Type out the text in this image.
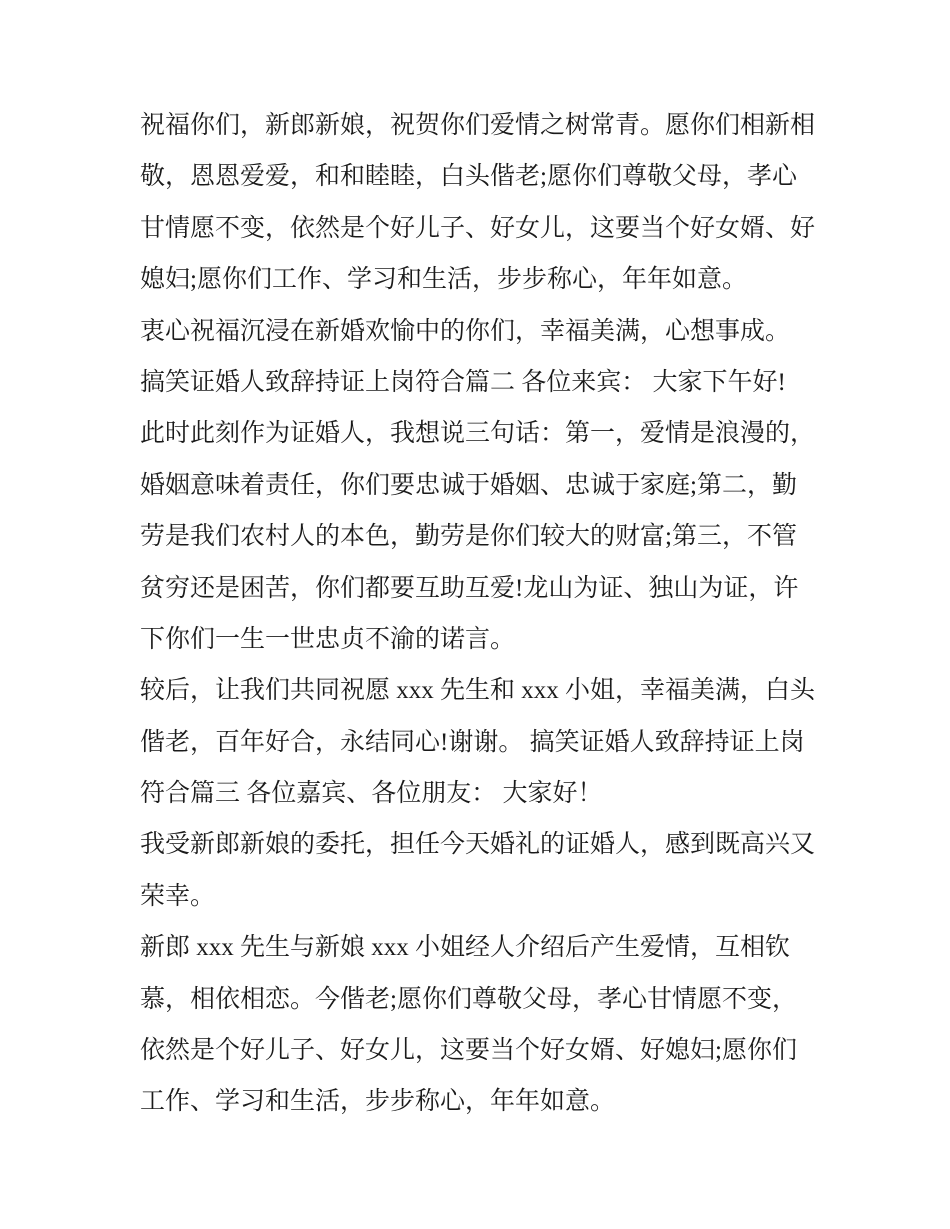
祝福你们，新郎新娘，祝贺你们爱情之树常青。愿你们相新相
敬，恩恩爱爱，和和睦睦，白头偕老;愿你们尊敬父母，孝心
甘情愿不变，依然是个好儿子、好女儿，这要当个好女婿、好
媳妇;愿你们工作、学习和生活，步步称心，年年如意。
衷心祝福沉浸在新婚欢愉中的你们，幸福美满，心想事成。
搞笑证婚人致辞持证上岗符合篇二 各位来宾： 大家下午好!
此时此刻作为证婚人，我想说三句话：第一，爱情是浪漫的，
婚姻意味着责任，你们要忠诚于婚姻、忠诚于家庭;第二，勤
劳是我们农村人的本色，勤劳是你们较大的财富;第三，不管
贫穷还是困苦，你们都要互助互爱!龙山为证、独山为证，许
下你们一生一世忠贞不渝的诺言。
较后，让我们共同祝愿 xxx 先生和 xxx 小姐，幸福美满，白头
偕老，百年好合，永结同心!谢谢。 搞笑证婚人致辞持证上岗
符合篇三 各位嘉宾、各位朋友： 大家好！
我受新郎新娘的委托，担任今天婚礼的证婚人，感到既高兴又
荣幸。
新郎 xxx 先生与新娘 xxx 小姐经人介绍后产生爱情，互相钦
慕，相依相恋。今偕老;愿你们尊敬父母，孝心甘情愿不变，
依然是个好儿子、好女儿，这要当个好女婿、好媳妇;愿你们
工作、学习和生活，步步称心，年年如意。
